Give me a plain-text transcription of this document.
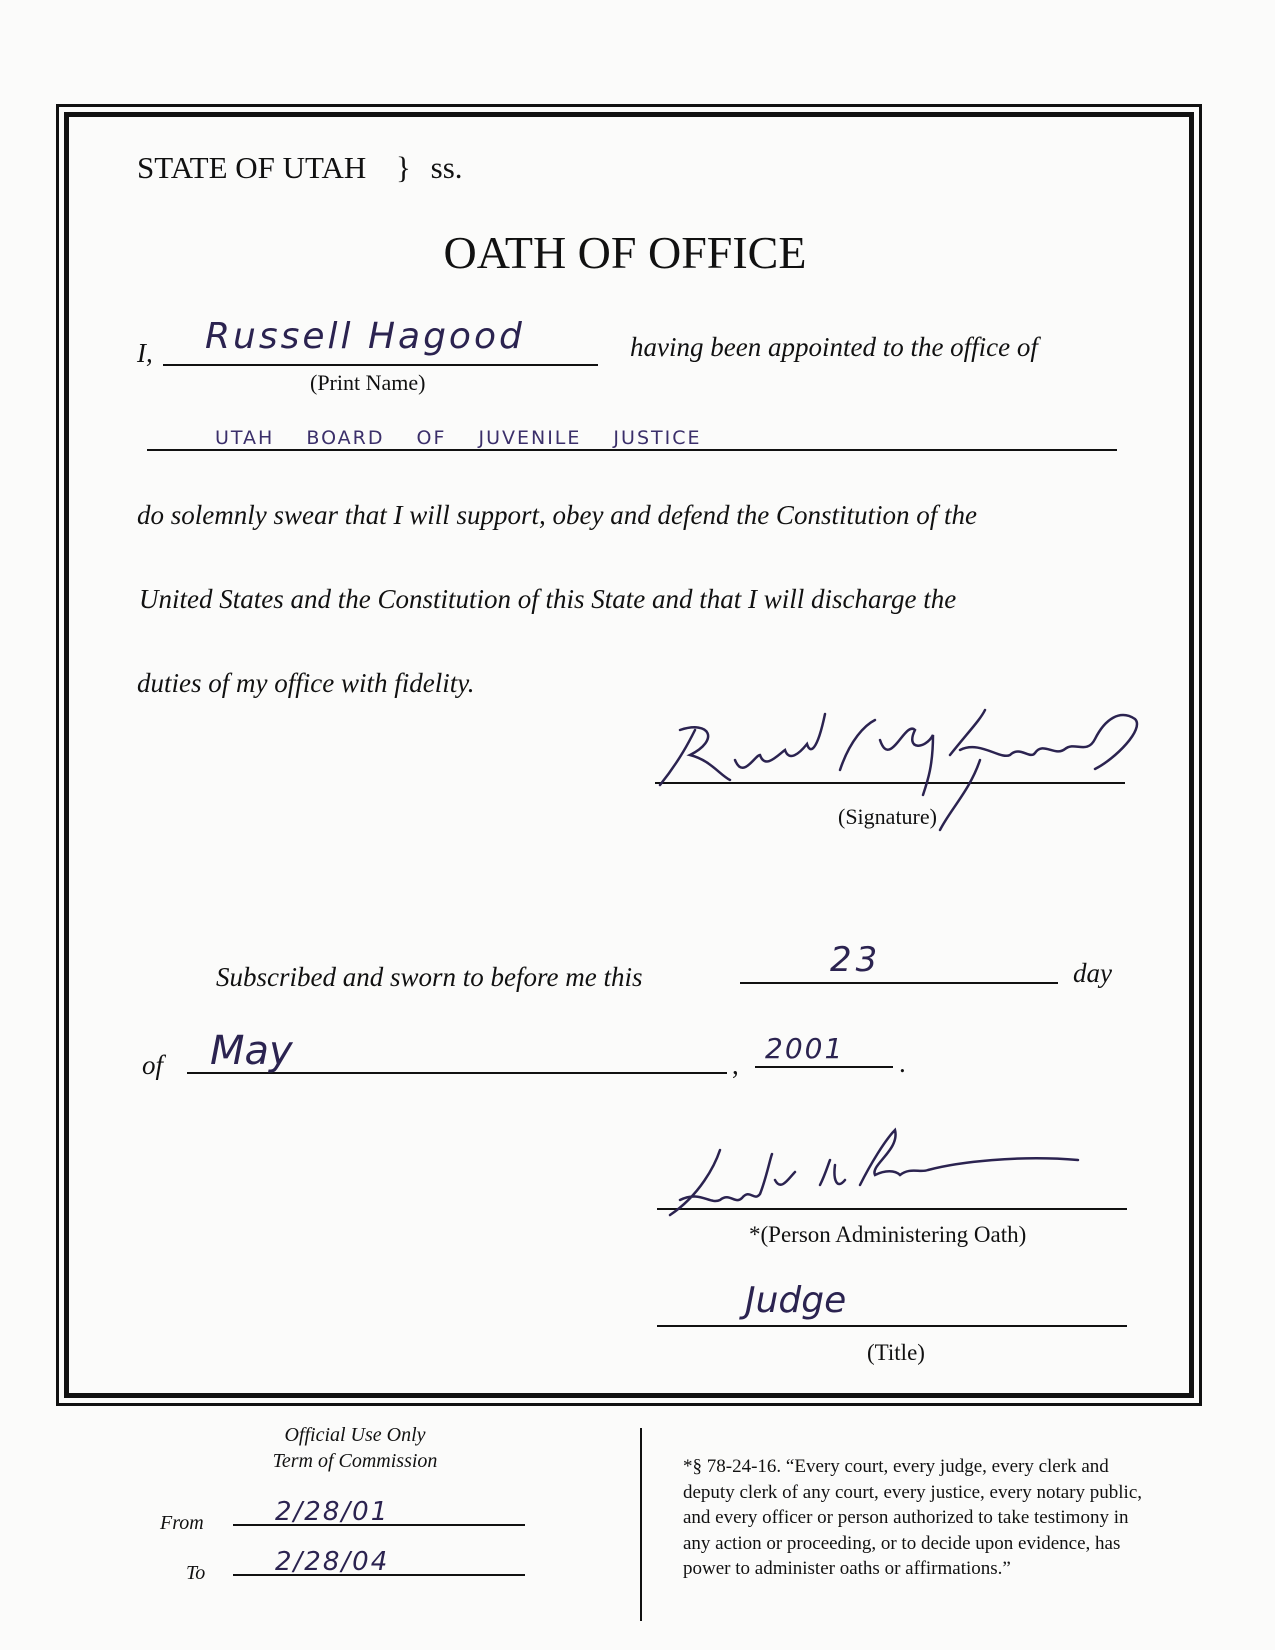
STATE OF UTAH } ss.
OATH OF OFFICE
I, Russell Hagood
(Print Name)
having been appointed to the office of
UTAH BOARD OF JUVENILE JUSTICE
do solemnly swear that I will support, obey and defend the Constitution of the
United States and the Constitution of this State and that I will discharge the
duties of my office with fidelity.
(Signature)
Subscribed and sworn to before me this	23	day
of May	, 2001 .
*(Person Administering Oath)
Judge
(Title)
Official Use Only
Term of Commission
From	2/28/01
To	2/28/04
*§ 78-24-16. “Every court, every judge, every clerk and
deputy clerk of any court, every justice, every notary public,
and every officer or person authorized to take testimony in
any action or proceeding, or to decide upon evidence, has
power to administer oaths or affirmations.”
